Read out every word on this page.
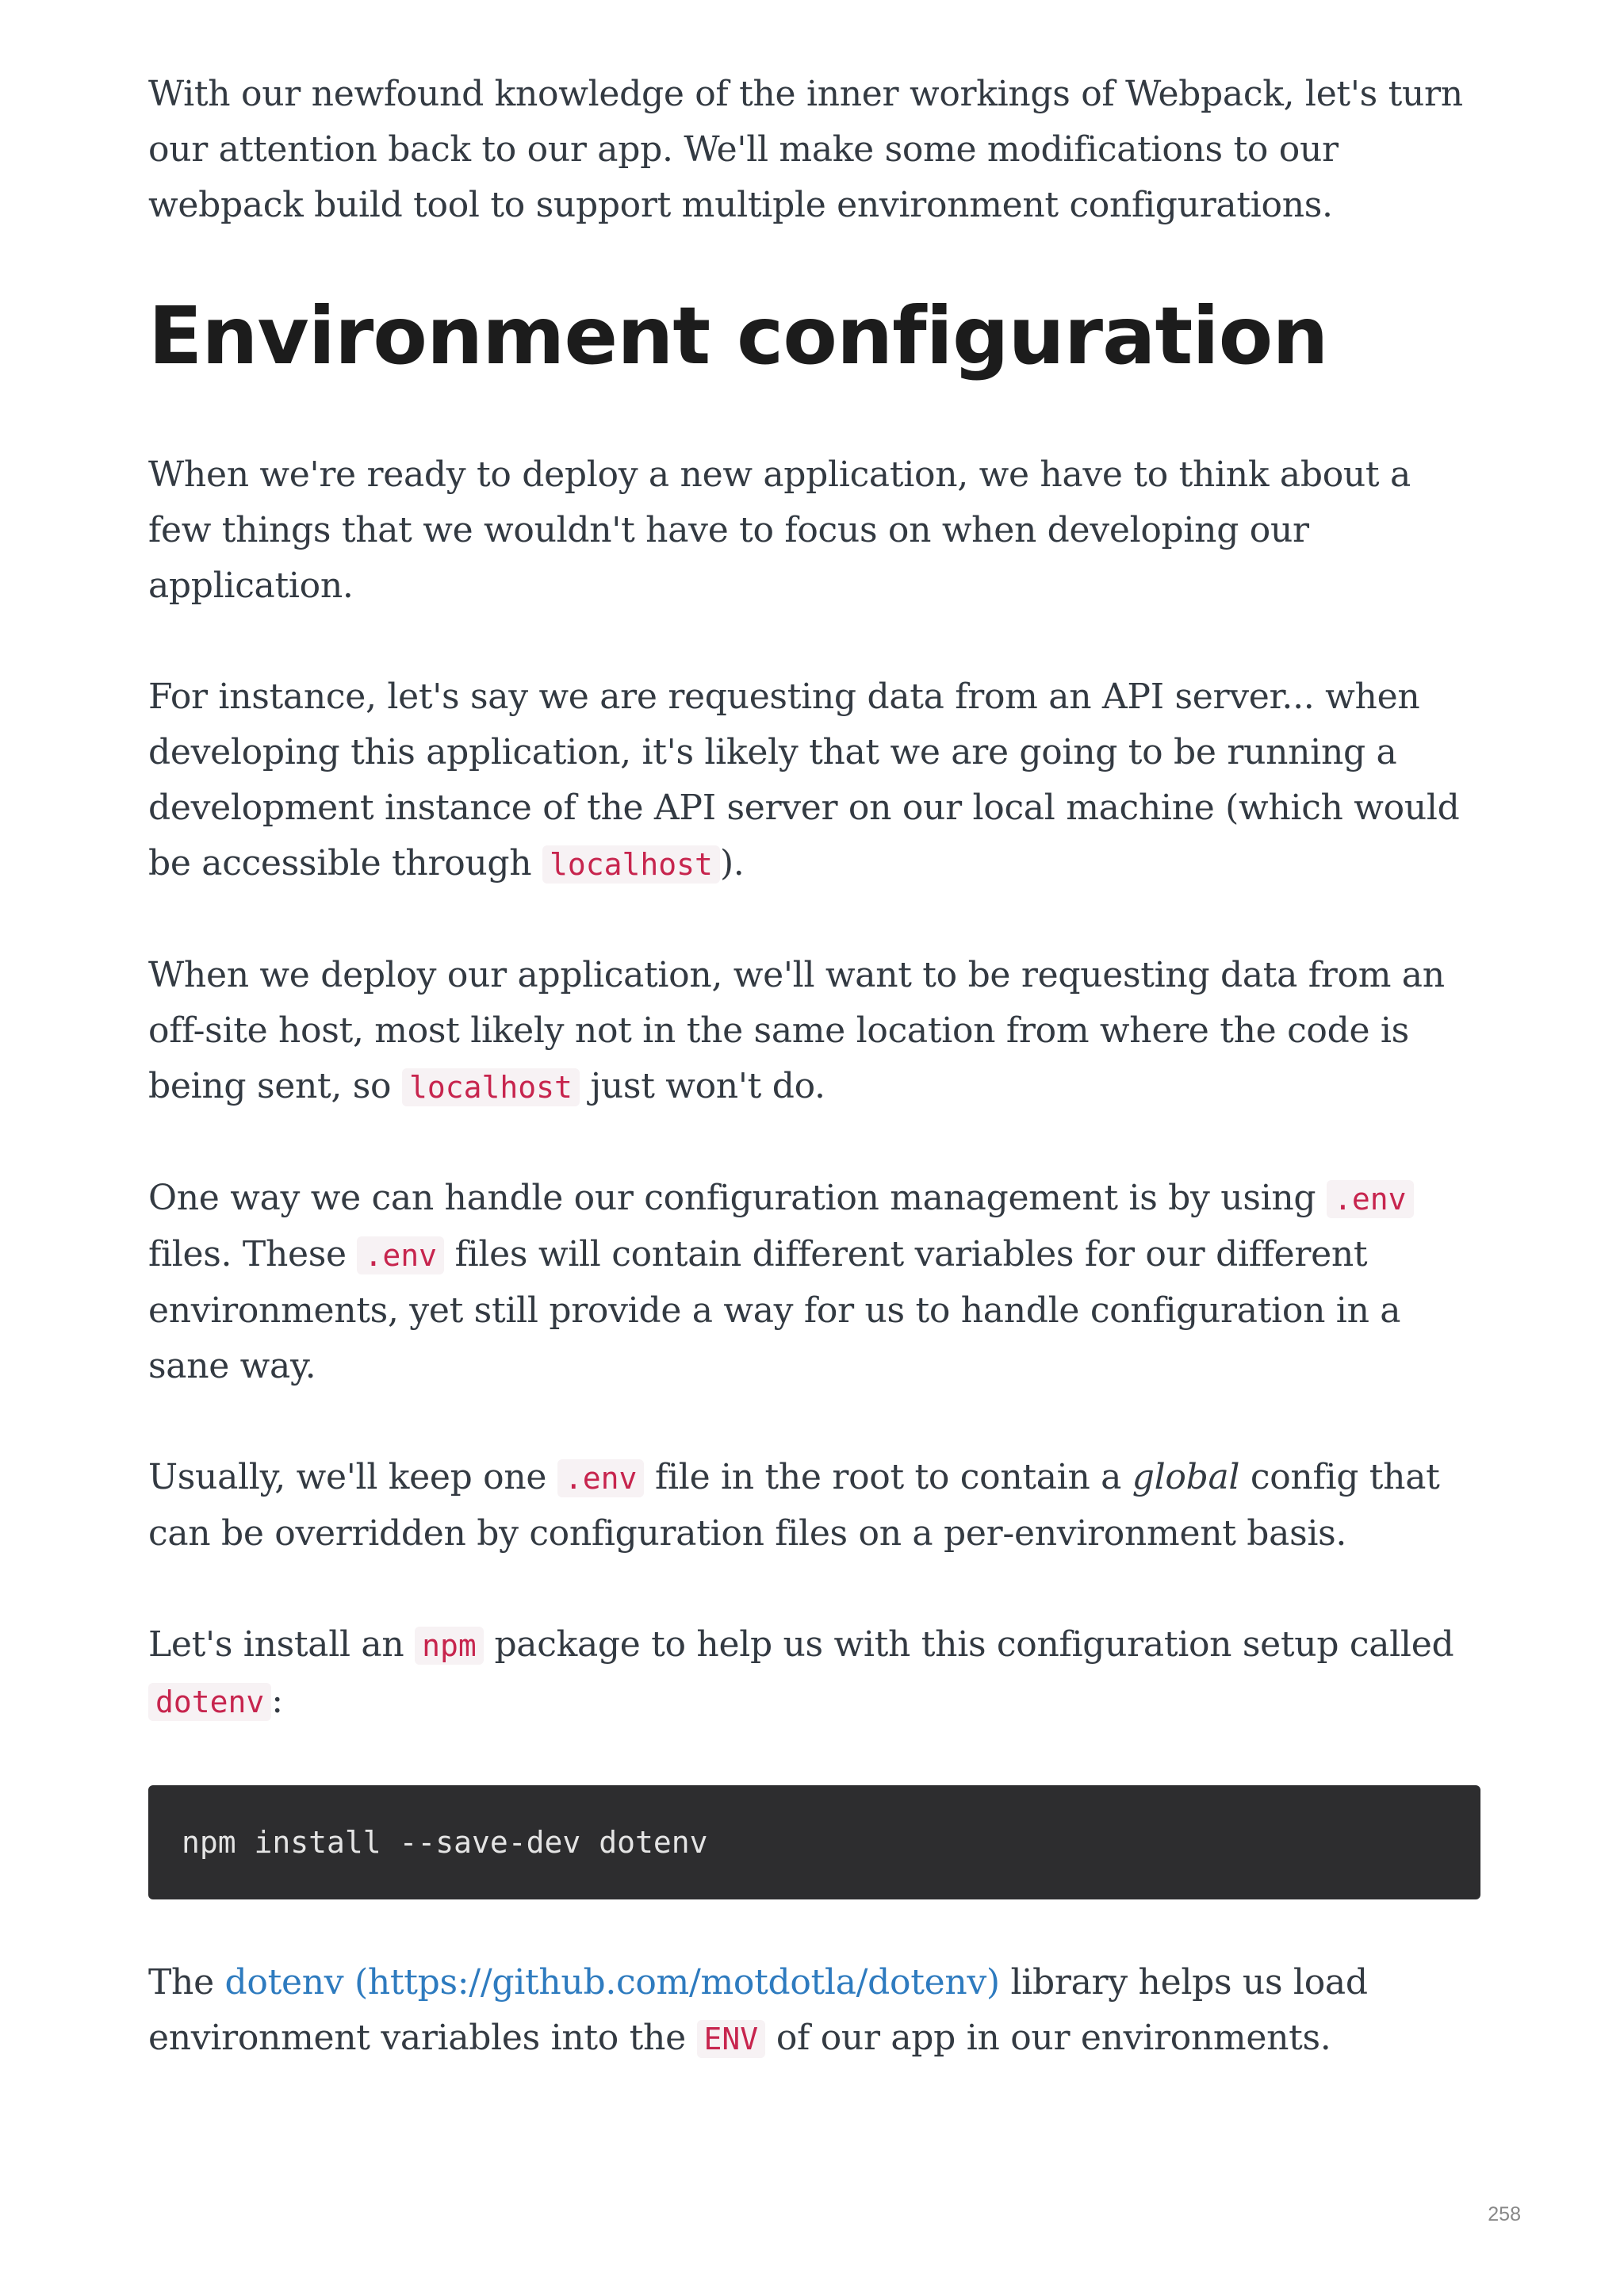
With our newfound knowledge of the inner workings of Webpack, let's turn our attention back to our app. We'll make some modifications to our webpack build tool to support multiple environment configurations.

Environment configuration

When we're ready to deploy a new application, we have to think about a few things that we wouldn't have to focus on when developing our application.

For instance, let's say we are requesting data from an API server... when developing this application, it's likely that we are going to be running a development instance of the API server on our local machine (which would be accessible through localhost ).

When we deploy our application, we'll want to be requesting data from an off-site host, most likely not in the same location from where the code is being sent, so localhost just won't do.

One way we can handle our configuration management is by using .env files. These .env files will contain different variables for our different environments, yet still provide a way for us to handle configuration in a sane way.

Usually, we'll keep one .env file in the root to contain a global config that can be overridden by configuration files on a per-environment basis.

Let's install an npm package to help us with this configuration setup called dotenv :

npm install --save-dev dotenv

The dotenv (https://github.com/motdotla/dotenv) library helps us load environment variables into the ENV of our app in our environments.

258
